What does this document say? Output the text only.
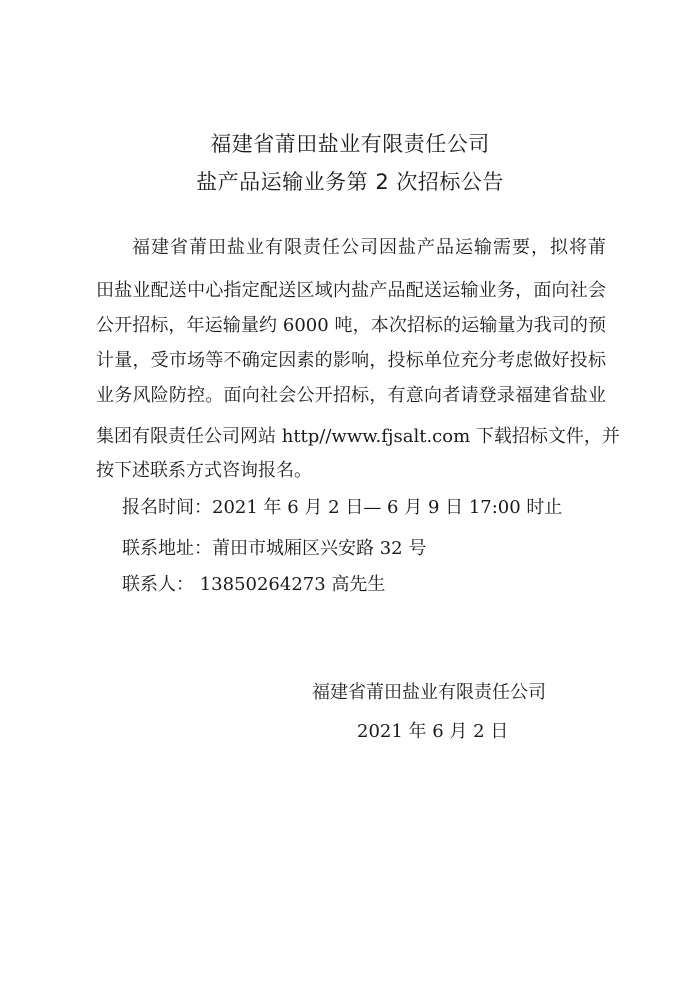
福建省莆田盐业有限责任公司
盐产品运输业务第 2 次招标公告
福建省莆田盐业有限责任公司因盐产品运输需要，拟将莆
田盐业配送中心指定配送区域内盐产品配送运输业务，面向社会
公开招标，年运输量约 6000 吨，本次招标的运输量为我司的预
计量，受市场等不确定因素的影响，投标单位充分考虑做好投标
业务风险防控。面向社会公开招标，有意向者请登录福建省盐业
集团有限责任公司网站 http//www.fjsalt.com 下载招标文件，并
按下述联系方式咨询报名。
报名时间：2021 年 6 月 2 日— 6 月 9 日 17:00 时止
联系地址：莆田市城厢区兴安路 32 号
联系人： 13850264273 高先生
福建省莆田盐业有限责任公司
2021 年 6 月 2 日
